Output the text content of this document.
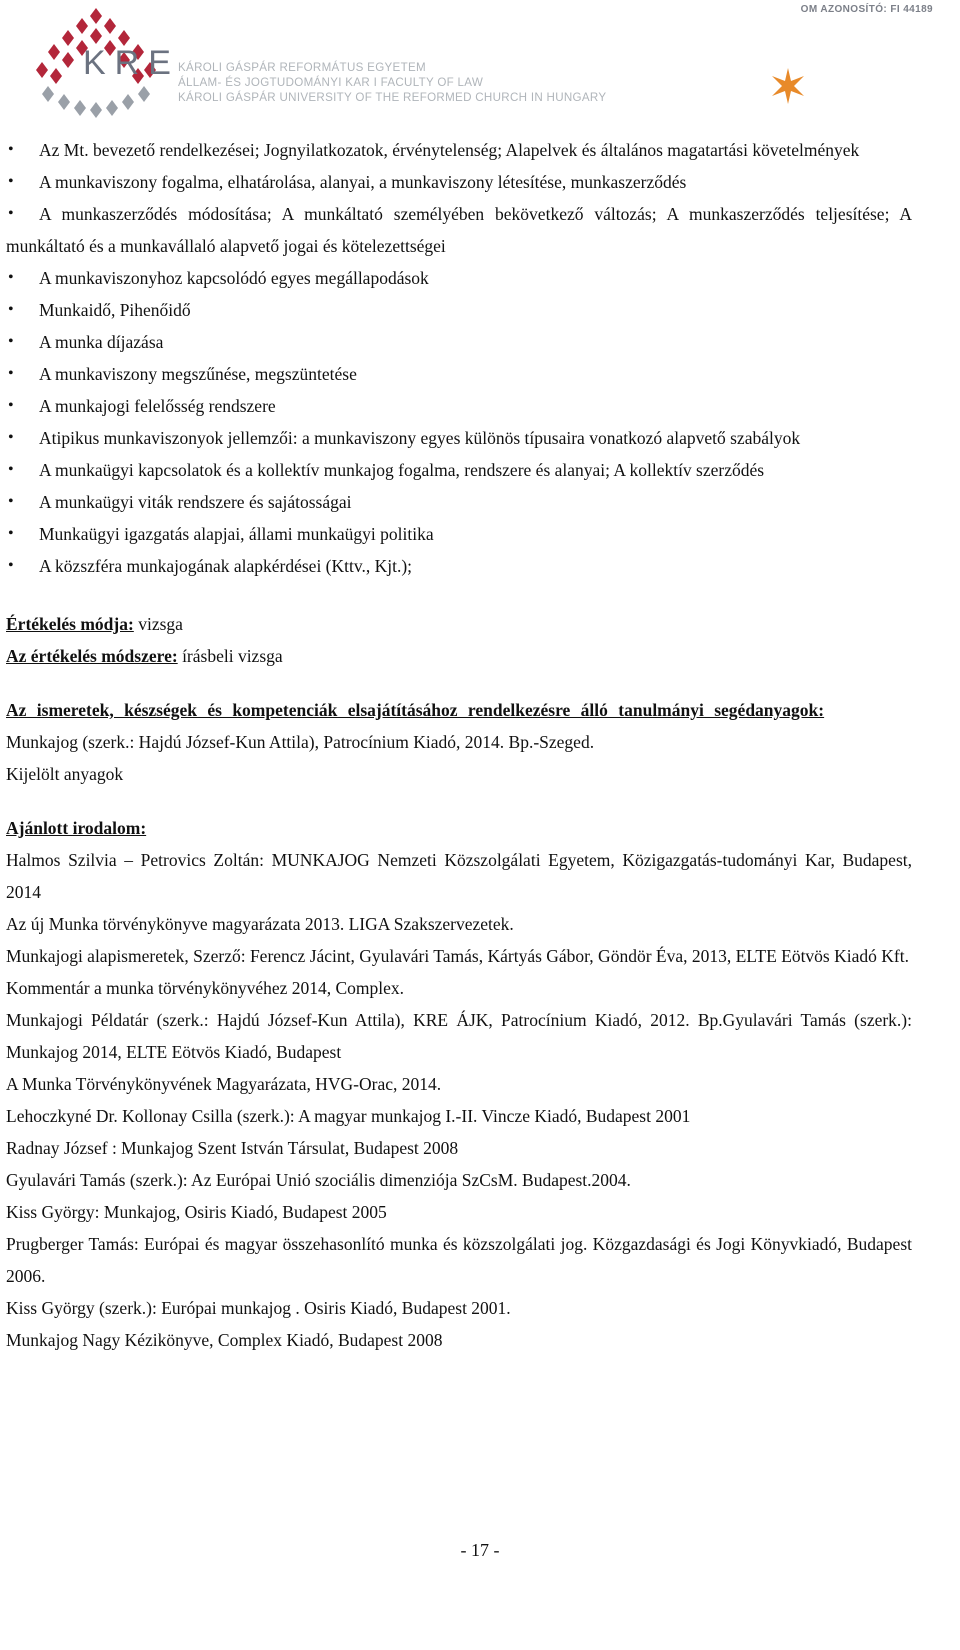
OM AZONOSÍTÓ: FI 44189
KRE
KÁROLI GÁSPÁR REFORMÁTUS EGYETEM
ÁLLAM- ÉS JOGTUDOMÁNYI KAR I FACULTY OF LAW
KÁROLI GÁSPÁR UNIVERSITY OF THE REFORMED CHURCH IN HUNGARY
• Az Mt. bevezető rendelkezései; Jognyilatkozatok, érvénytelenség; Alapelvek és általános magatartási követelmények
• A munkaviszony fogalma, elhatárolása, alanyai, a munkaviszony létesítése, munkaszerződés
• A munkaszerződés módosítása; A munkáltató személyében bekövetkező változás; A munkaszerződés teljesítése; A munkáltató és a munkavállaló alapvető jogai és kötelezettségei
• A munkaviszonyhoz kapcsolódó egyes megállapodások
• Munkaidő, Pihenőidő
• A munka díjazása
• A munkaviszony megszűnése, megszüntetése
• A munkajogi felelősség rendszere
• Atipikus munkaviszonyok jellemzői: a munkaviszony egyes különös típusaira vonatkozó alapvető szabályok
• A munkaügyi kapcsolatok és a kollektív munkajog fogalma, rendszere és alanyai; A kollektív szerződés
• A munkaügyi viták rendszere és sajátosságai
• Munkaügyi igazgatás alapjai, állami munkaügyi politika
• A közszféra munkajogának alapkérdései (Kttv., Kjt.);

Értékelés módja: vizsga

Az értékelés módszere: írásbeli vizsga

Az ismeretek, készségek és kompetenciák elsajátításához rendelkezésre álló tanulmányi segédanyagok:

Munkajog (szerk.: Hajdú József-Kun Attila), Patrocínium Kiadó, 2014. Bp.-Szeged.

Kijelölt anyagok

Ajánlott irodalom:

Halmos Szilvia – Petrovics Zoltán: MUNKAJOG Nemzeti Közszolgálati Egyetem, Közigazgatás-tudományi Kar, Budapest, 2014

Az új Munka törvénykönyve magyarázata 2013. LIGA Szakszervezetek.

Munkajogi alapismeretek, Szerző: Ferencz Jácint, Gyulavári Tamás, Kártyás Gábor, Göndör Éva, 2013, ELTE Eötvös Kiadó Kft.

Kommentár a munka törvénykönyvéhez 2014, Complex.

Munkajogi Példatár (szerk.: Hajdú József-Kun Attila), KRE ÁJK, Patrocínium Kiadó, 2012. Bp.Gyulavári Tamás (szerk.): Munkajog 2014, ELTE Eötvös Kiadó, Budapest

A Munka Törvénykönyvének Magyarázata, HVG-Orac, 2014.

Lehoczkyné Dr. Kollonay Csilla (szerk.): A magyar munkajog I.-II. Vincze Kiadó, Budapest 2001

Radnay József : Munkajog Szent István Társulat, Budapest 2008

Gyulavári Tamás (szerk.): Az Európai Unió szociális dimenziója SzCsM. Budapest.2004.

Kiss György: Munkajog, Osiris Kiadó, Budapest 2005

Prugberger Tamás: Európai és magyar összehasonlító munka és közszolgálati jog. Közgazdasági és Jogi Könyvkiadó, Budapest 2006.

Kiss György (szerk.): Európai munkajog . Osiris Kiadó, Budapest 2001.

Munkajog Nagy Kézikönyve, Complex Kiadó, Budapest 2008

- 17 -
